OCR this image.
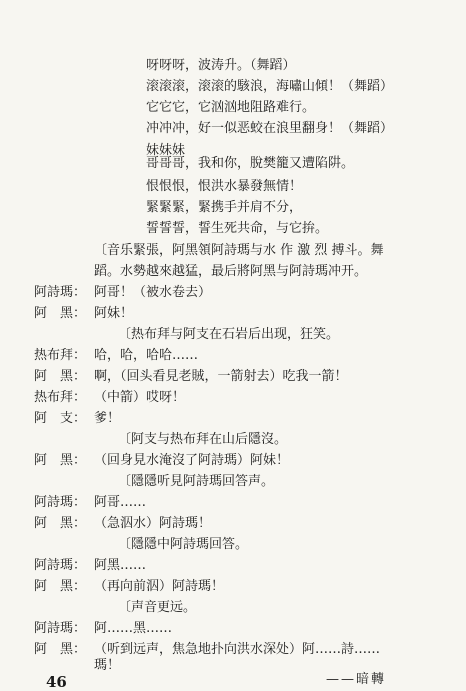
呀呀呀，波涛升。（舞蹈）
滚滚滚，滚滚的駭浪，海嘯山傾！（舞蹈）
它它它，它汹汹地阻路难行。
冲冲冲，好一似恶蛟在浪里翻身！（舞蹈）
妹妹妹
哥哥哥，我和你，脫樊籠又遭陷阱。
恨恨恨，恨洪水暴發無情！
緊緊緊，緊携手并肩不分，
誓誓誓，誓生死共命，与它拚。
〔音乐緊張，阿黑領阿詩瑪与水 作 激 烈 搏斗。舞
蹈。水勢越來越猛，最后將阿黑与阿詩瑪冲开。
阿詩瑪： 阿哥！（被水卷去）
阿　黑： 阿妹！
〔热布拜与阿支在石岩后出现，狂笑。
热布拜： 哈，哈，哈哈……
阿　黑： 啊，（回头看見老賊，一箭射去）吃我一箭！
热布拜： （中箭）哎呀！
阿　支： 爹！
〔阿支与热布拜在山后隱沒。
阿　黑： （回身見水淹沒了阿詩瑪）阿妹！
〔隱隱听見阿詩瑪回答声。
阿詩瑪： 阿哥……
阿　黑： （急泅水）阿詩瑪！
〔隱隱中阿詩瑪回答。
阿詩瑪： 阿黑……
阿　黑： （再向前泅）阿詩瑪！
〔声音更远。
阿詩瑪： 阿……黑……
阿　黑： （听到远声，焦急地扑向洪水深处）阿……詩……
瑪！
——暗轉
46
